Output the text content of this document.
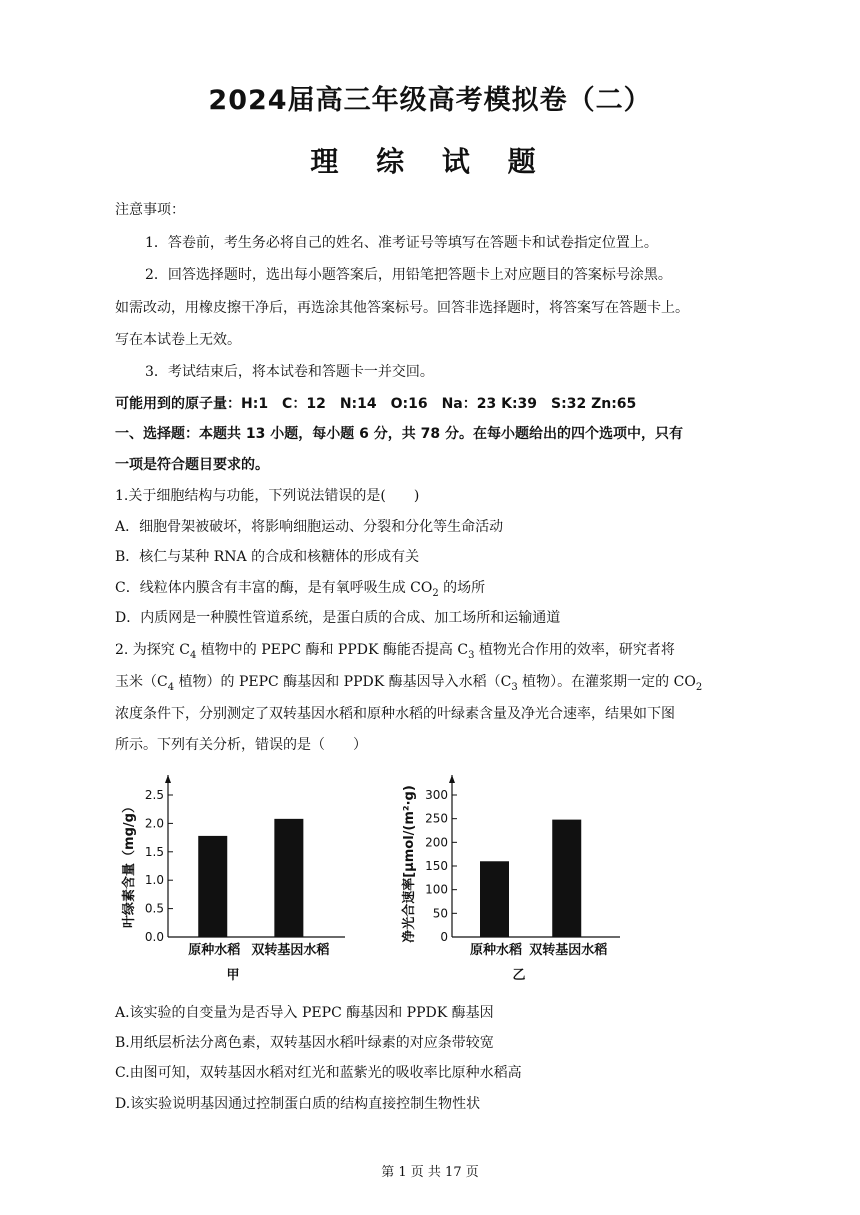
2024届高三年级高考模拟卷（二）
理 综 试 题
注意事项：
1．答卷前，考生务必将自己的姓名、准考证号等填写在答题卡和试卷指定位置上。
2．回答选择题时，选出每小题答案后，用铅笔把答题卡上对应题目的答案标号涂黑。
如需改动，用橡皮擦干净后，再选涂其他答案标号。回答非选择题时，将答案写在答题卡上。
写在本试卷上无效。
3．考试结束后，将本试卷和答题卡一并交回。
可能用到的原子量：H:1　C：12　N:14　O:16　Na：23 K:39　S:32 Zn:65
一、选择题：本题共 13 小题，每小题 6 分，共 78 分。在每小题给出的四个选项中，只有
一项是符合题目要求的。
1.关于细胞结构与功能，下列说法错误的是(　　)
A．细胞骨架被破坏，将影响细胞运动、分裂和分化等生命活动
B．核仁与某种 RNA 的合成和核糖体的形成有关
C．线粒体内膜含有丰富的酶，是有氧呼吸生成 $CO_2$ 的场所
D．内质网是一种膜性管道系统，是蛋白质的合成、加工场所和运输通道
2. 为探究 $C_4$ 植物中的 PEPC 酶和 PPDK 酶能否提高 $C_3$ 植物光合作用的效率，研究者将
玉米（$C_4$ 植物）的 PEPC 酶基因和 PPDK 酶基因导入水稻（$C_3$ 植物）。在灌浆期一定的 $CO_2$
浓度条件下，分别测定了双转基因水稻和原种水稻的叶绿素含量及净光合速率，结果如下图
所示。下列有关分析，错误的是（　　）
0.0
0.5
1.0
1.5
2.0
2.5
原种水稻 双转基因水稻
叶绿素含量（mg/g）
甲
0
50
100
150
200
250
300
原种水稻 双转基因水稻
净光合速率[μmol/(m²·g)
乙
A.该实验的自变量为是否导入 PEPC 酶基因和 PPDK 酶基因
B.用纸层析法分离色素，双转基因水稻叶绿素的对应条带较宽
C.由图可知，双转基因水稻对红光和蓝紫光的吸收率比原种水稻高
D.该实验说明基因通过控制蛋白质的结构直接控制生物性状
第 1 页 共 17 页
